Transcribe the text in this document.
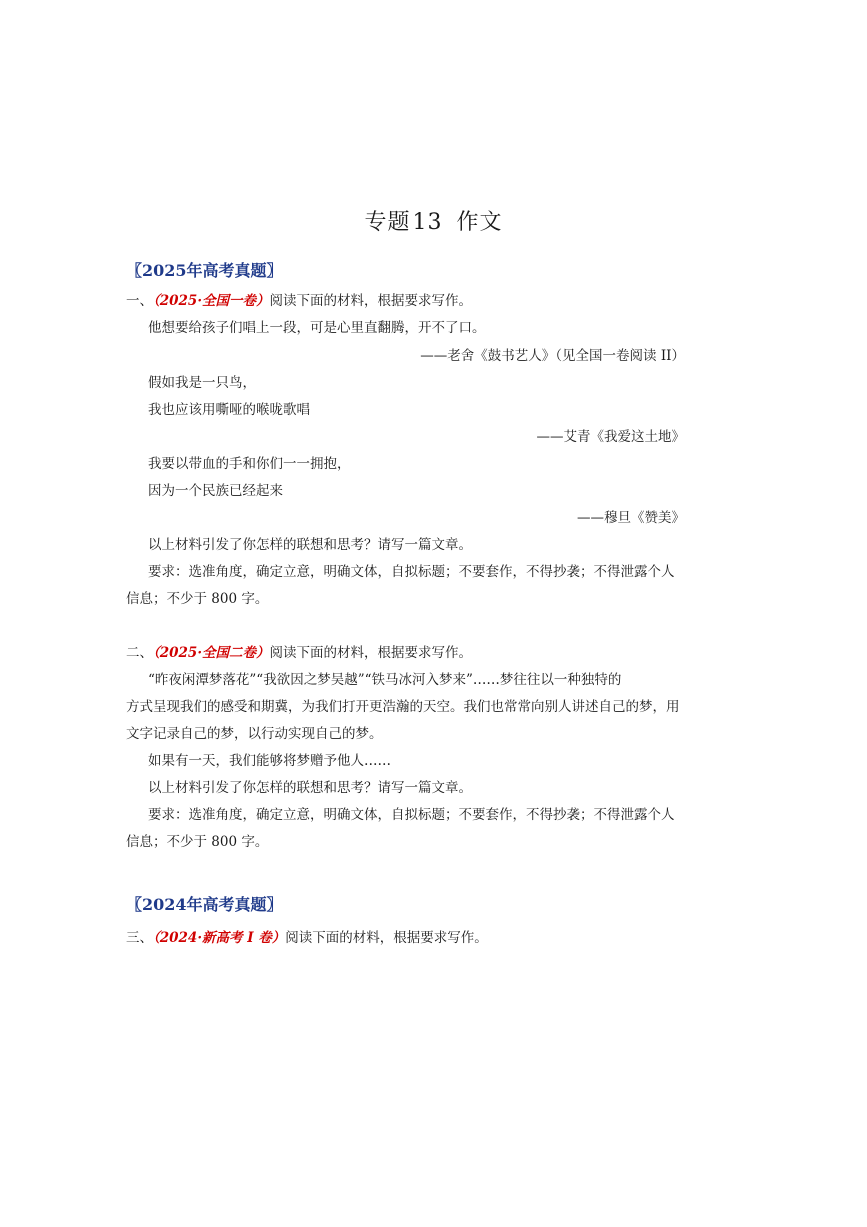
专题13 作文
〖2025年高考真题〗
一、（2025·全国一卷）阅读下面的材料，根据要求写作。
他想要给孩子们唱上一段，可是心里直翻腾，开不了口。
——老舍《鼓书艺人》（见全国一卷阅读 II）
假如我是一只鸟，
我也应该用嘶哑的喉咙歌唱
——艾青《我爱这土地》
我要以带血的手和你们一一拥抱，
因为一个民族已经起来
——穆旦《赞美》
以上材料引发了你怎样的联想和思考？请写一篇文章。
要求：选准角度，确定立意，明确文体，自拟标题；不要套作，不得抄袭；不得泄露个人
信息；不少于 800 字。
二、（2025·全国二卷）阅读下面的材料，根据要求写作。
“昨夜闲潭梦落花”“我欲因之梦吴越”“铁马冰河入梦来”……梦往往以一种独特的
方式呈现我们的感受和期冀，为我们打开更浩瀚的天空。我们也常常向别人讲述自己的梦，用
文字记录自己的梦，以行动实现自己的梦。
如果有一天，我们能够将梦赠予他人……
以上材料引发了你怎样的联想和思考？请写一篇文章。
要求：选准角度，确定立意，明确文体，自拟标题；不要套作，不得抄袭；不得泄露个人
信息；不少于 800 字。
〖2024年高考真题〗
三、（2024·新高考 I 卷）阅读下面的材料，根据要求写作。
